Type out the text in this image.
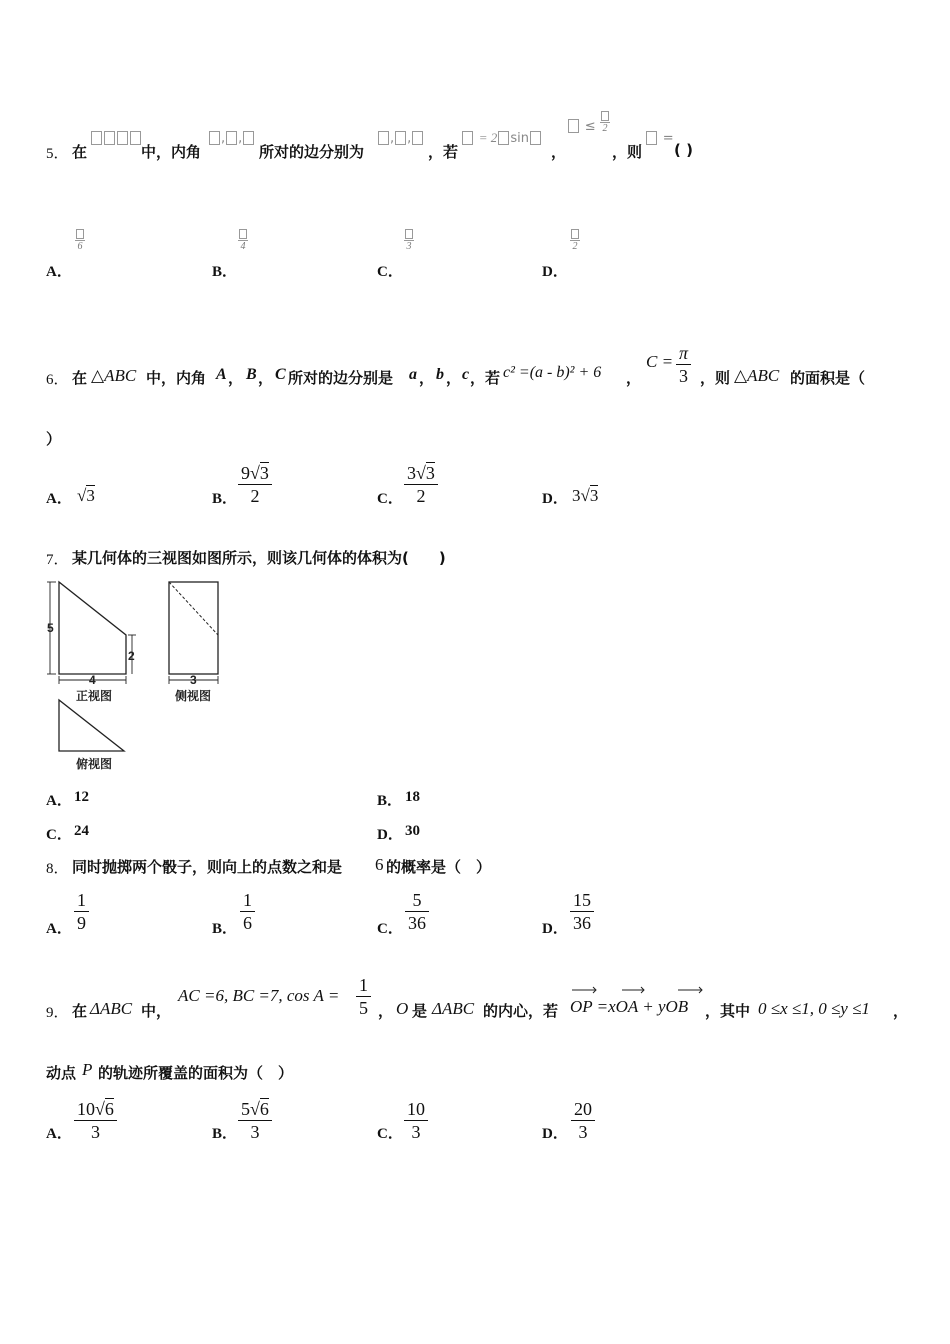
5． 在	中，内角
, ,
所对的边分别为
, ,
，若
= 2 sin
，
≤ 2
，则
=
( )
A．
6
B．
4
C．
3
D．
2
6． 在 △ABC 中，内角 A ， B ， C 所对的边分别是 a ， b ， c ，若 c² =(a - b)² + 6 ，
$C = \frac{\pi}{3}$ ，则 △ABC 的面积是（
）
A． √3	B． $\frac{9√3}{2}$	C． $\frac{3√3}{2}$	D． 3√3
7． 某几何体的三视图如图所示，则该几何体的体积为(　　)
5
2
4	3
正视图	侧视图
俯视图
A． 12	B． 18
C． 24	D． 30
8． 同时抛掷两个骰子，则向上的点数之和是 6 的概率是（　）
A． $\frac{1}{9}$	B． $\frac{1}{6}$	C． $\frac{5}{36}$	D． $\frac{15}{36}$
9． 在 ΔABC 中，
AC =6, BC =7, $\cos A = \frac{1}{5}$ ， O 是 ΔABC 的内心，若 OP =xOA + yOB ，其中 0 ≤x ≤1, 0 ≤y ≤1 ，
动点 P 的轨迹所覆盖的面积为（　）
A． $\frac{10√6}{3}$	B． $\frac{5√6}{3}$	C． $\frac{10}{3}$	D． $\frac{20}{3}$
